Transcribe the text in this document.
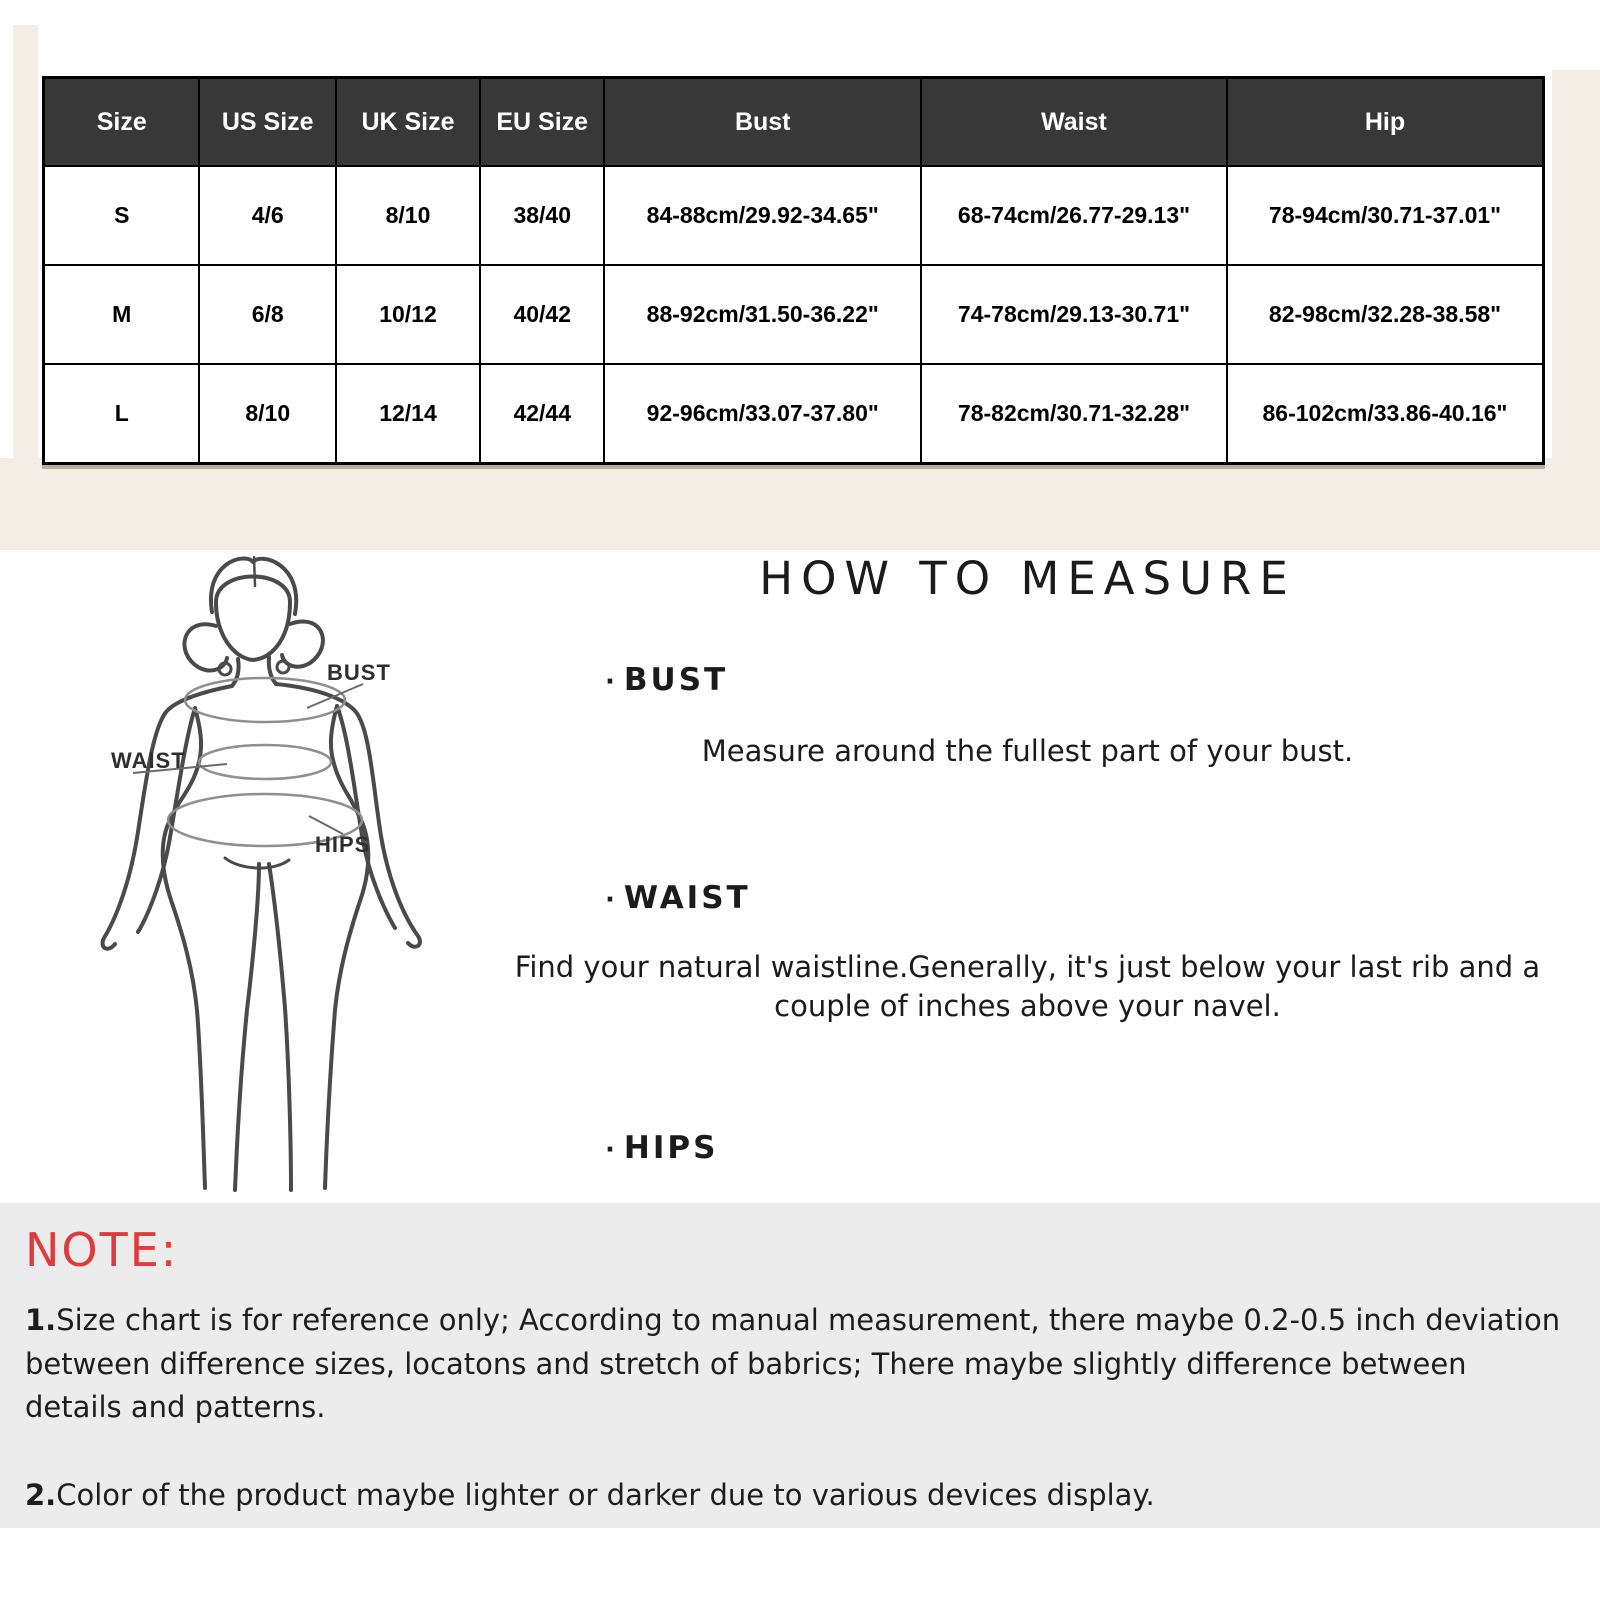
Size	US Size	UK Size	EU Size	Bust	Waist	Hip
S	4/6	8/10	38/40	84-88cm/29.92-34.65"	68-74cm/26.77-29.13"	78-94cm/30.71-37.01"
M	6/8	10/12	40/42	88-92cm/31.50-36.22"	74-78cm/29.13-30.71"	82-98cm/32.28-38.58"
L	8/10	12/14	42/44	92-96cm/33.07-37.80"	78-82cm/30.71-32.28"	86-102cm/33.86-40.16"
BUST
WAIST
HIPS
HOW TO MEASURE
· BUST
Measure around the fullest part of your bust.
· WAIST
Find your natural waistline.Generally, it's just below your last rib and a couple of inches above your navel.
· HIPS
NOTE:
1.Size chart is for reference only; According to manual measurement, there maybe 0.2-0.5 inch deviation between difference sizes, locatons and stretch of babrics; There maybe slightly difference between details and patterns.
2.Color of the product maybe lighter or darker due to various devices display.
